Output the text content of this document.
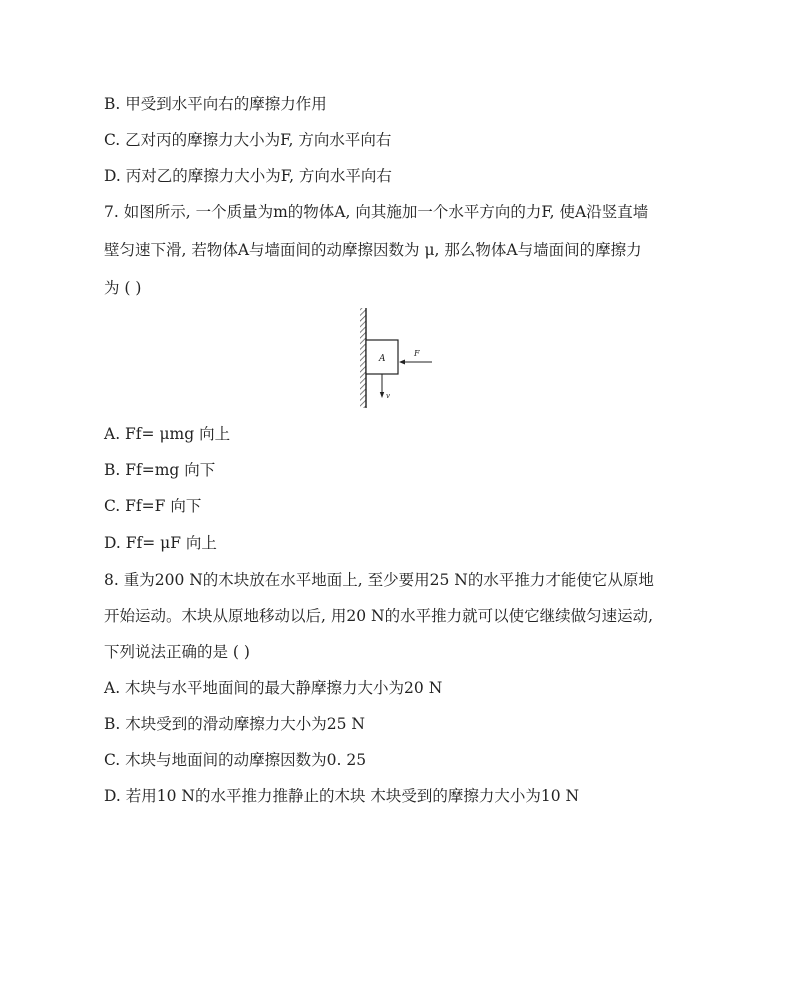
B. 甲受到水平向右的摩擦力作用
C. 乙对丙的摩擦力大小为F, 方向水平向右
D. 丙对乙的摩擦力大小为F, 方向水平向右
7. 如图所示, 一个质量为m的物体A, 向其施加一个水平方向的力F, 使A沿竖直墙
壁匀速下滑, 若物体A与墙面间的动摩擦因数为 μ, 那么物体A与墙面间的摩擦力
为 ( )
A
F
v
A. Ff= μmg 向上
B. Ff=mg 向下
C. Ff=F 向下
D. Ff= μF 向上
8. 重为200 N的木块放在水平地面上, 至少要用25 N的水平推力才能使它从原地
开始运动。木块从原地移动以后, 用20 N的水平推力就可以使它继续做匀速运动,
下列说法正确的是 ( )
A. 木块与水平地面间的最大静摩擦力大小为20 N
B. 木块受到的滑动摩擦力大小为25 N
C. 木块与地面间的动摩擦因数为0. 25
D. 若用10 N的水平推力推静止的木块 木块受到的摩擦力大小为10 N
